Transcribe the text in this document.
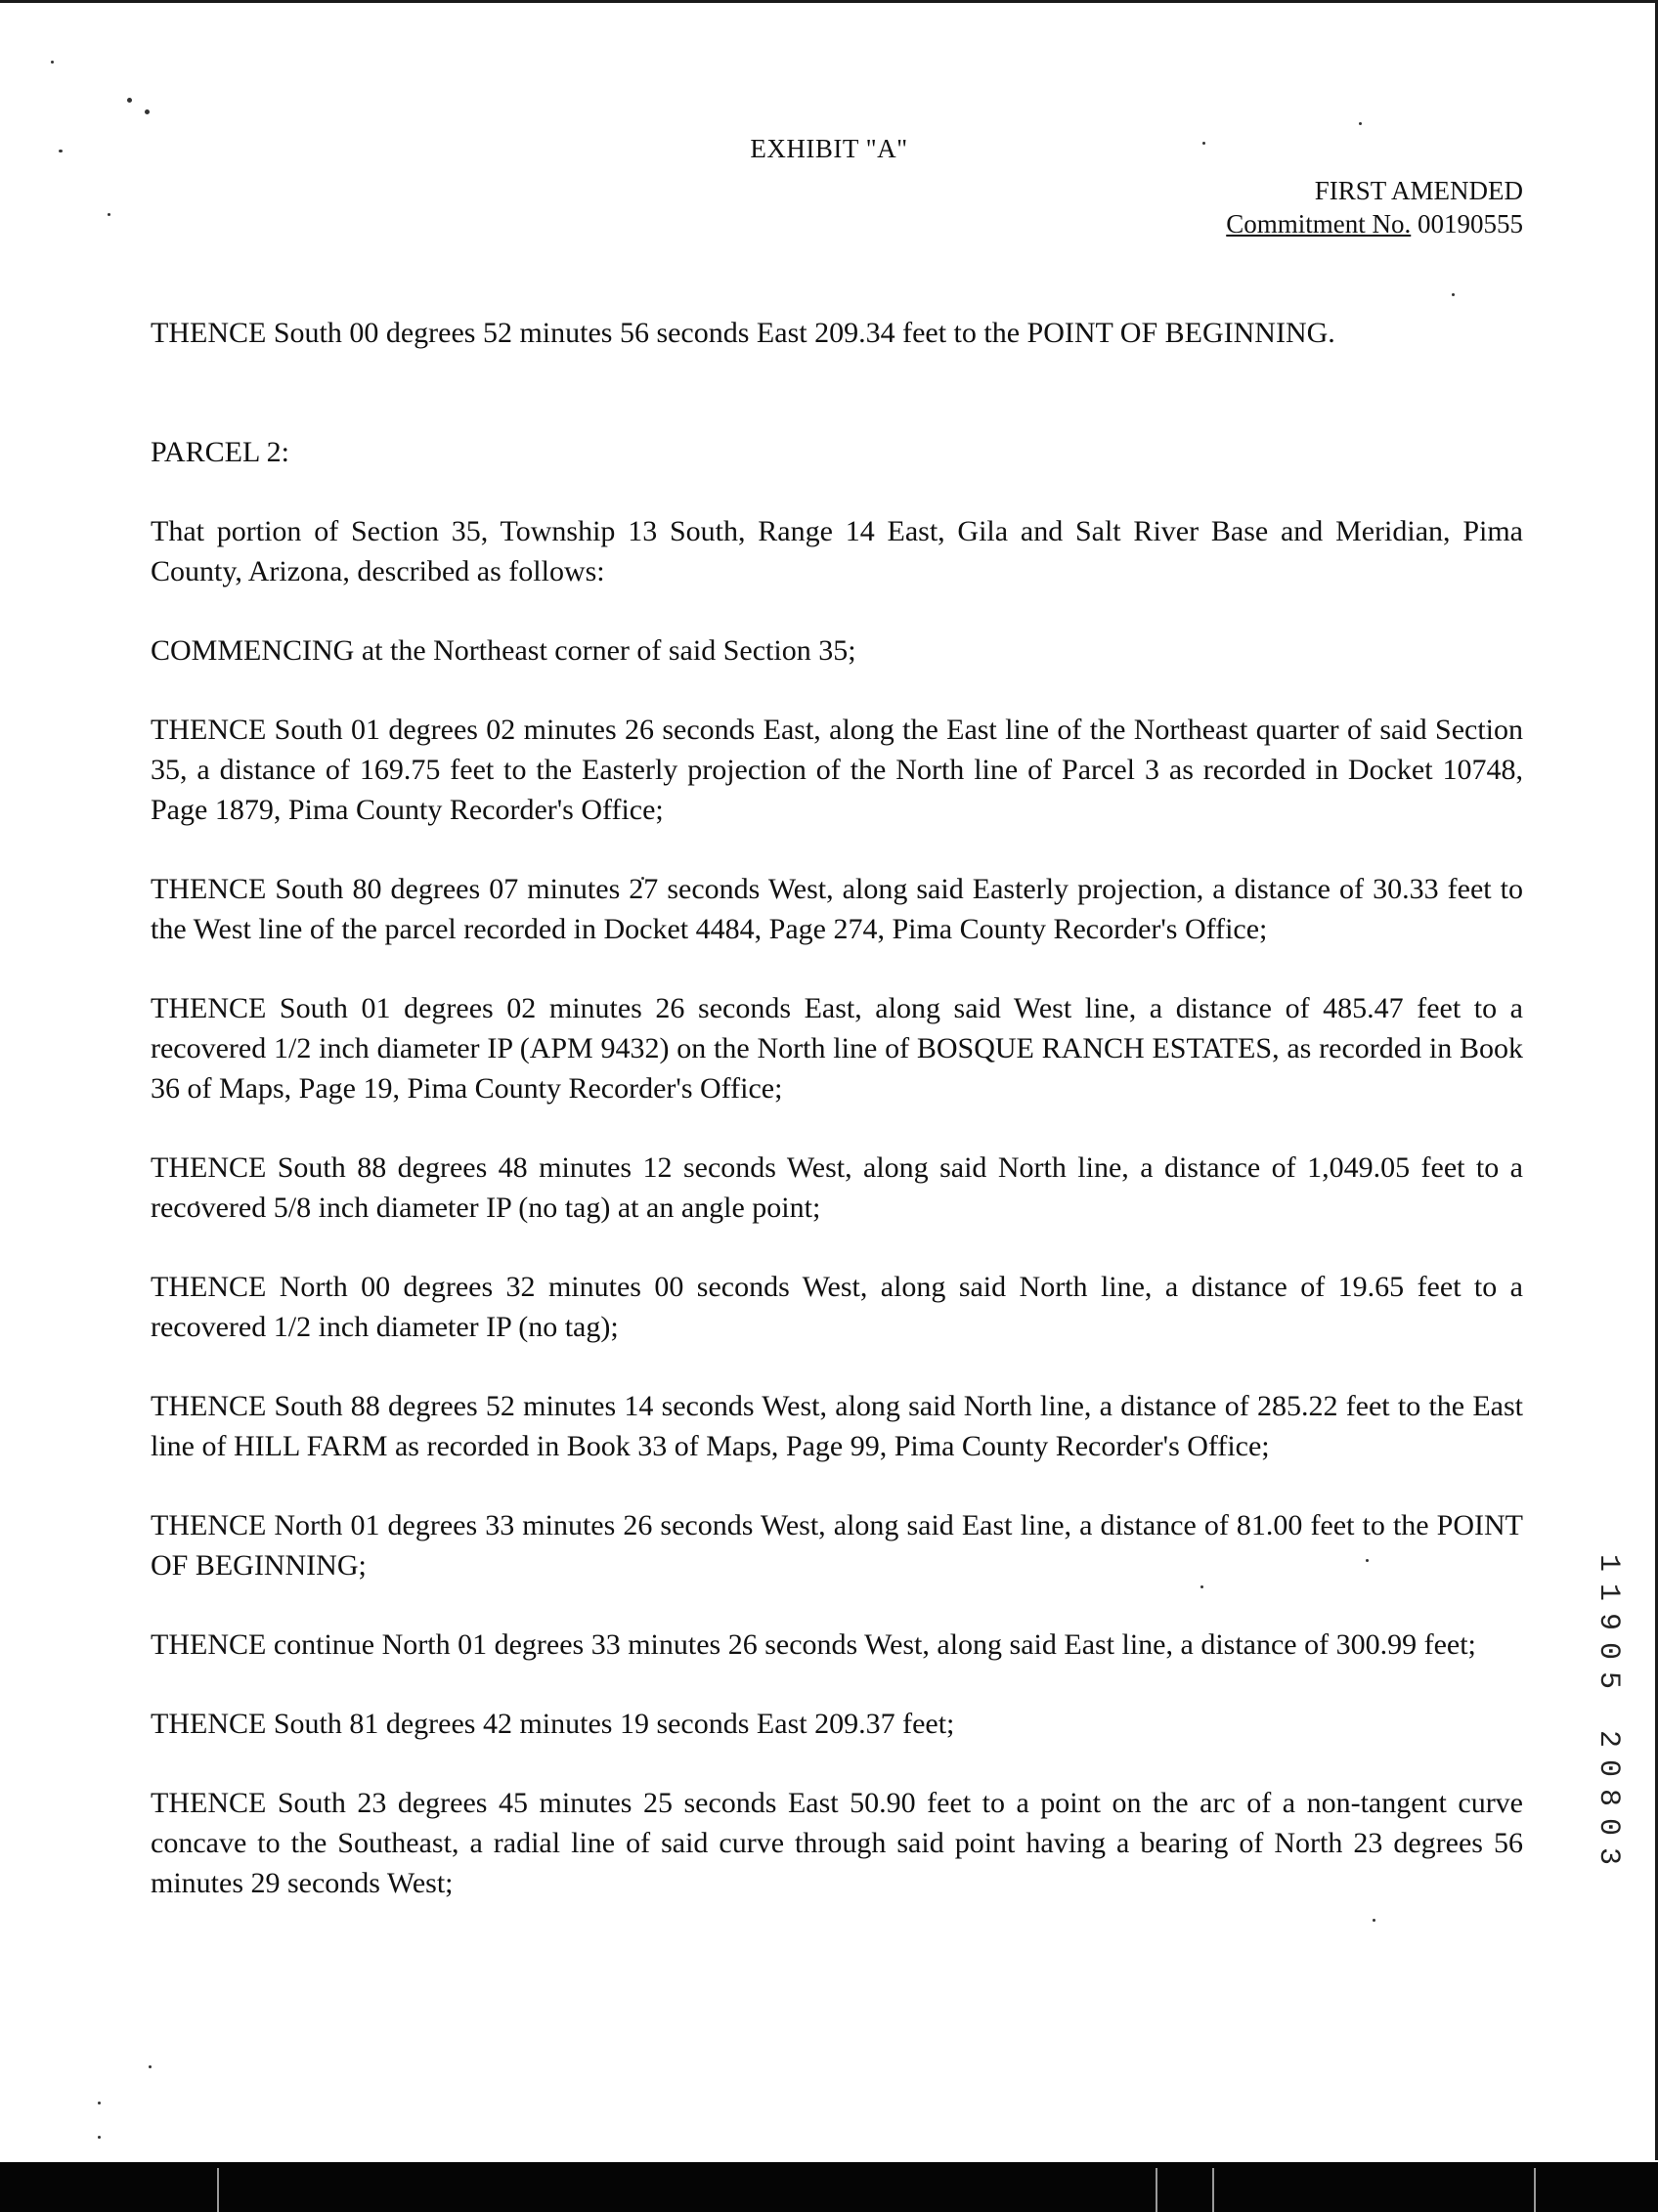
EXHIBIT "A"
FIRST AMENDED
Commitment No. 00190555

THENCE South 00 degrees 52 minutes 56 seconds East 209.34 feet to the POINT OF BEGINNING.

PARCEL 2:

That portion of Section 35, Township 13 South, Range 14 East, Gila and Salt River Base and Meridian, Pima County, Arizona, described as follows:

COMMENCING at the Northeast corner of said Section 35;

THENCE South 01 degrees 02 minutes 26 seconds East, along the East line of the Northeast quarter of said Section 35, a distance of 169.75 feet to the Easterly projection of the North line of Parcel 3 as recorded in Docket 10748, Page 1879, Pima County Recorder's Office;

THENCE South 80 degrees 07 minutes 27 seconds West, along said Easterly projection, a distance of 30.33 feet to the West line of the parcel recorded in Docket 4484, Page 274, Pima County Recorder's Office;

THENCE South 01 degrees 02 minutes 26 seconds East, along said West line, a distance of 485.47 feet to a recovered 1/2 inch diameter IP (APM 9432) on the North line of BOSQUE RANCH ESTATES, as recorded in Book 36 of Maps, Page 19, Pima County Recorder's Office;

THENCE South 88 degrees 48 minutes 12 seconds West, along said North line, a distance of 1,049.05 feet to a recovered 5/8 inch diameter IP (no tag) at an angle point;

THENCE North 00 degrees 32 minutes 00 seconds West, along said North line, a distance of 19.65 feet to a recovered 1/2 inch diameter IP (no tag);

THENCE South 88 degrees 52 minutes 14 seconds West, along said North line, a distance of 285.22 feet to the East line of HILL FARM as recorded in Book 33 of Maps, Page 99, Pima County Recorder's Office;

THENCE North 01 degrees 33 minutes 26 seconds West, along said East line, a distance of 81.00 feet to the POINT OF BEGINNING;

THENCE continue North 01 degrees 33 minutes 26 seconds West, along said East line, a distance of 300.99 feet;

THENCE South 81 degrees 42 minutes 19 seconds East 209.37 feet;

THENCE South 23 degrees 45 minutes 25 seconds East 50.90 feet to a point on the arc of a non-tangent curve concave to the Southeast, a radial line of said curve through said point having a bearing of North 23 degrees 56 minutes 29 seconds West;

11905 20803
